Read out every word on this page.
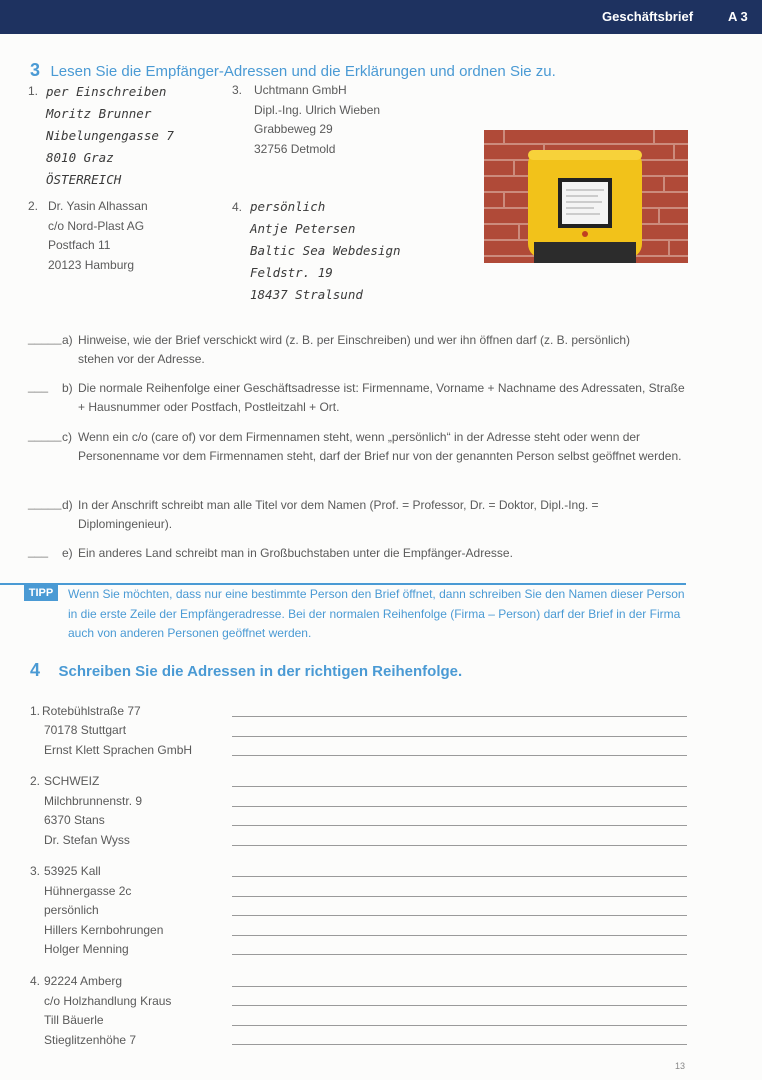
Geschäftsbrief	A 3
3 Lesen Sie die Empfänger-Adressen und die Erklärungen und ordnen Sie zu.
1. per Einschreiben
Moritz Brunner
Nibelungengasse 7
8010 Graz
ÖSTERREICH
2. Dr. Yasin Alhassan
c/o Nord-Plast AG
Postfach 11
20123 Hamburg
3. Uchtmann GmbH
Dipl.-Ing. Ulrich Wieben
Grabbeweg 29
32756 Detmold
4. persönlich
Antje Petersen
Baltic Sea Webdesign
Feldstr. 19
18437 Stralsund
_____ a) Hinweise, wie der Brief verschickt wird (z. B. per Einschreiben) und wer ihn öffnen darf (z. B. persönlich) stehen vor der Adresse.
___ b) Die normale Reihenfolge einer Geschäftsadresse ist: Firmenname, Vorname + Nachname des Adressaten, Straße + Hausnummer oder Postfach, Postleitzahl + Ort.
_____ c) Wenn ein c/o (care of) vor dem Firmennamen steht, wenn „persönlich“ in der Adresse steht oder wenn der Personenname vor dem Firmennamen steht, darf der Brief nur von der genannten Person selbst geöffnet werden.
_____ d) In der Anschrift schreibt man alle Titel vor dem Namen (Prof. = Professor, Dr. = Doktor, Dipl.-Ing. = Diplomingenieur).
___ e) Ein anderes Land schreibt man in Großbuchstaben unter die Empfänger-Adresse.
TIPP	Wenn Sie möchten, dass nur eine bestimmte Person den Brief öffnet, dann schreiben Sie den Namen dieser Person in die erste Zeile der Empfängeradresse. Bei der normalen Reihenfolge (Firma – Person) darf der Brief in der Firma auch von anderen Personen geöffnet werden.
4 Schreiben Sie die Adressen in der richtigen Reihenfolge.
1. Rotebühlstraße 77
70178 Stuttgart
Ernst Klett Sprachen GmbH
2. SCHWEIZ
Milchbrunnenstr. 9
6370 Stans
Dr. Stefan Wyss
3. 53925 Kall
Hühnergasse 2c
persönlich
Hillers Kernbohrungen
Holger Menning
4. 92224 Amberg
c/o Holzhandlung Kraus
Till Bäuerle
Stieglitzenhöhe 7
13
